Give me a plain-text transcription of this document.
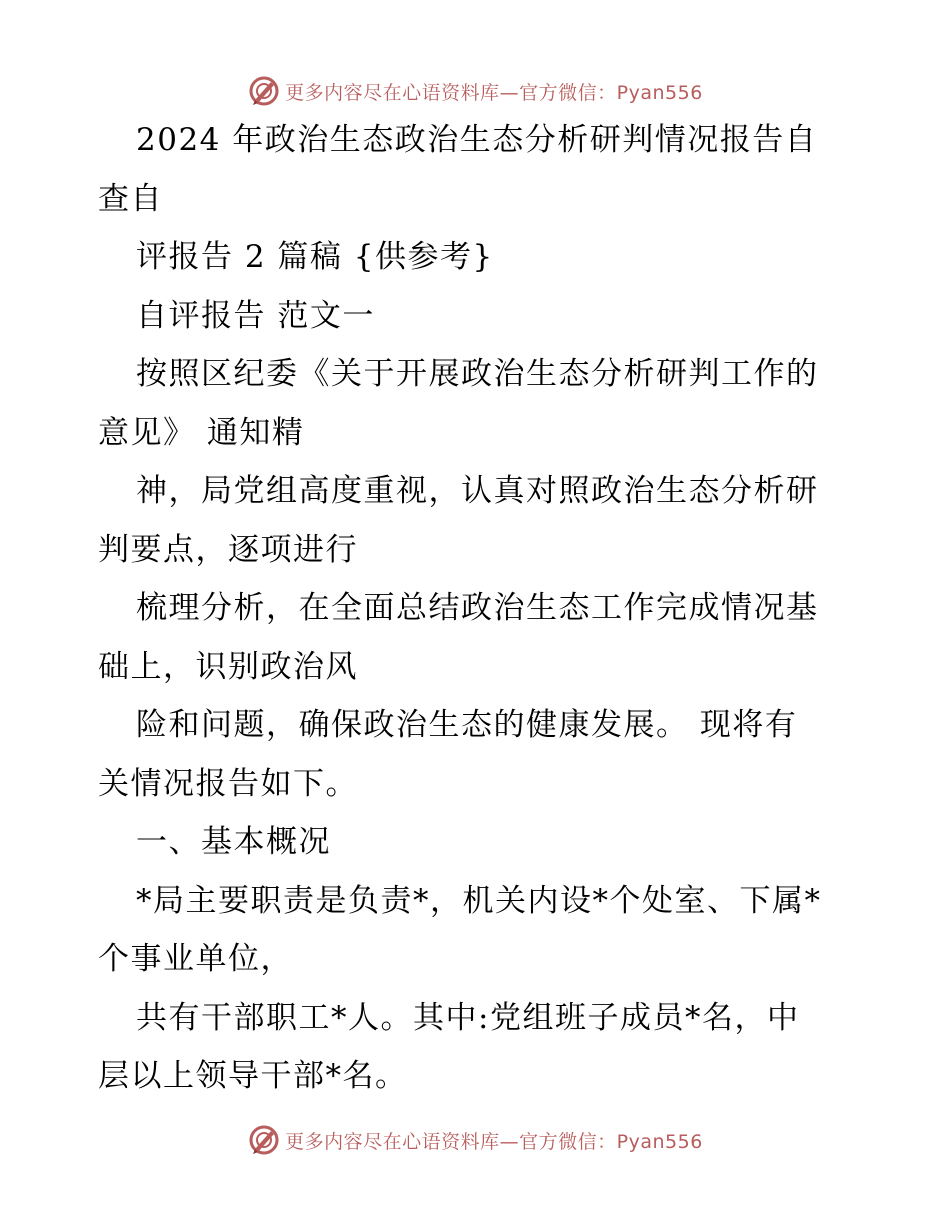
更多内容尽在心语资料库—官方微信：Pyan556
2024 年政治生态政治生态分析研判情况报告自
查自
评报告 2 篇稿 {供参考}
自评报告 范文一
按照区纪委《关于开展政治生态分析研判工作的
意见》 通知精
神，局党组高度重视，认真对照政治生态分析研
判要点，逐项进行
梳理分析，在全面总结政治生态工作完成情况基
础上，识别政治风
险和问题，确保政治生态的健康发展。 现将有
关情况报告如下。
一、基本概况
*局主要职责是负责*，机关内设*个处室、下属*
个事业单位，
共有干部职工*人。其中:党组班子成员*名，中
层以上领导干部*名。
更多内容尽在心语资料库—官方微信：Pyan556
